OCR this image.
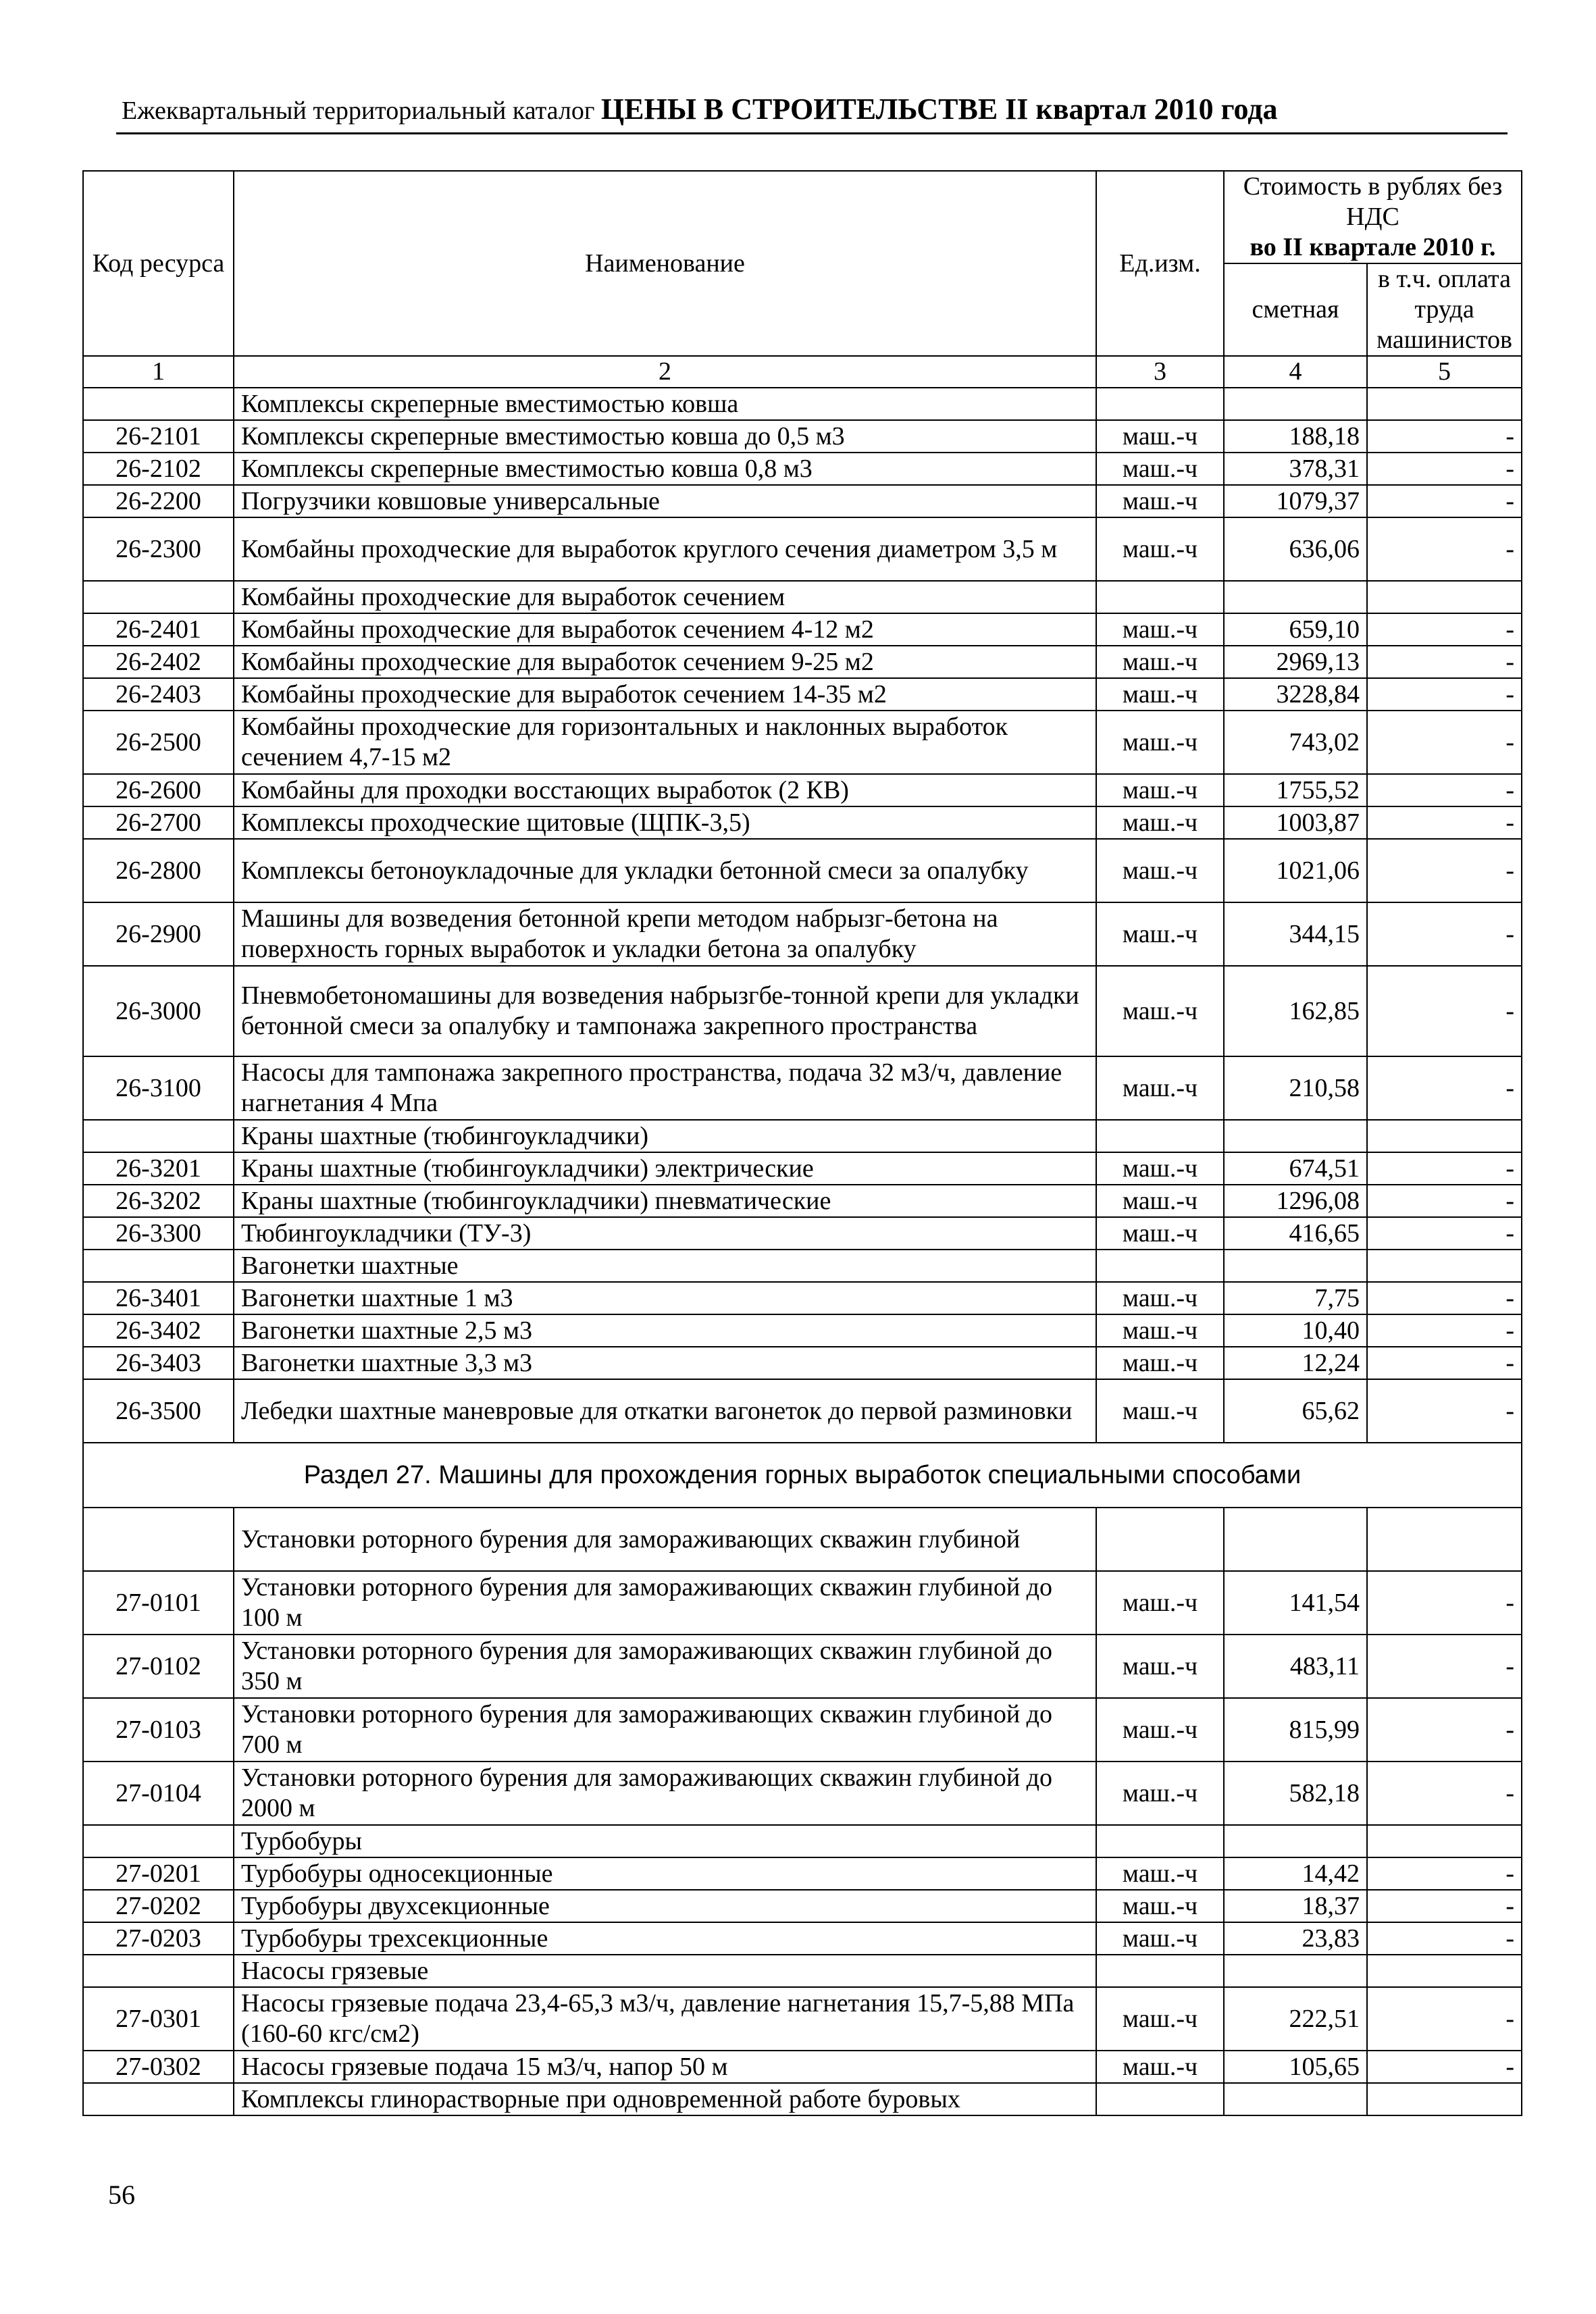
Ежеквартальный территориальный каталог ЦЕНЫ В СТРОИТЕЛЬСТВЕ II квартал 2010 года
Код ресурса	Наименование	Ед.изм.	Стоимость в рублях без НДС
во II квартале 2010 г.	

			сметная	в т.ч. оплата труда машинистов
1	2	3	4	5
	Комплексы скреперные вместимостью ковша			
26-2101	Комплексы скреперные вместимостью ковша до 0,5 м3	маш.-ч	188,18	-
26-2102	Комплексы скреперные вместимостью ковша 0,8 м3	маш.-ч	378,31	-
26-2200	Погрузчики ковшовые универсальные	маш.-ч	1079,37	-
26-2300	Комбайны проходческие для выработок круглого сечения диаметром 3,5 м	маш.-ч	636,06	-
	Комбайны проходческие для выработок сечением			
26-2401	Комбайны проходческие для выработок сечением 4-12 м2	маш.-ч	659,10	-
26-2402	Комбайны проходческие для выработок сечением 9-25 м2	маш.-ч	2969,13	-
26-2403	Комбайны проходческие для выработок сечением 14-35 м2	маш.-ч	3228,84	-
26-2500	Комбайны проходческие для горизонтальных и наклонных выработок сечением 4,7-15 м2	маш.-ч	743,02	-
26-2600	Комбайны для проходки восстающих выработок (2 КВ)	маш.-ч	1755,52	-
26-2700	Комплексы проходческие щитовые (ЩПК-3,5)	маш.-ч	1003,87	-
26-2800	Комплексы бетоноукладочные для укладки бетонной смеси за опалубку	маш.-ч	1021,06	-
26-2900	Машины для возведения бетонной крепи методом набрызг-бетона на поверхность горных выработок и укладки бетона за опалубку	маш.-ч	344,15	-
26-3000	Пневмобетономашины для возведения набрызгбе-тонной крепи для укладки бетонной смеси за опалубку и тампонажа закрепного пространства	маш.-ч	162,85	-
26-3100	Насосы для тампонажа закрепного пространства, подача 32 м3/ч, давление нагнетания 4 Мпа	маш.-ч	210,58	-
	Краны шахтные (тюбингоукладчики)			
26-3201	Краны шахтные (тюбингоукладчики) электрические	маш.-ч	674,51	-
26-3202	Краны шахтные (тюбингоукладчики) пневматические	маш.-ч	1296,08	-
26-3300	Тюбингоукладчики (ТУ-3)	маш.-ч	416,65	-
	Вагонетки шахтные			
26-3401	Вагонетки шахтные 1 м3	маш.-ч	7,75	-
26-3402	Вагонетки шахтные 2,5 м3	маш.-ч	10,40	-
26-3403	Вагонетки шахтные 3,3 м3	маш.-ч	12,24	-
26-3500	Лебедки шахтные маневровые для откатки вагонеток до первой разминовки	маш.-ч	65,62	-
Раздел 27. Машины для прохождения горных выработок специальными способами				
	Установки роторного бурения для замораживающих скважин глубиной			
27-0101	Установки роторного бурения для замораживающих скважин глубиной до 100 м	маш.-ч	141,54	-
27-0102	Установки роторного бурения для замораживающих скважин глубиной до 350 м	маш.-ч	483,11	-
27-0103	Установки роторного бурения для замораживающих скважин глубиной до 700 м	маш.-ч	815,99	-
27-0104	Установки роторного бурения для замораживающих скважин глубиной до 2000 м	маш.-ч	582,18	-
	Турбобуры			
27-0201	Турбобуры односекционные	маш.-ч	14,42	-
27-0202	Турбобуры двухсекционные	маш.-ч	18,37	-
27-0203	Турбобуры трехсекционные	маш.-ч	23,83	-
	Насосы грязевые			
27-0301	Насосы грязевые подача 23,4-65,3 м3/ч, давление нагнетания 15,7-5,88 МПа (160-60 кгс/см2)	маш.-ч	222,51	-
27-0302	Насосы грязевые подача 15 м3/ч, напор 50 м	маш.-ч	105,65	-
	Комплексы глинорастворные при одновременной работе буровых			
56
